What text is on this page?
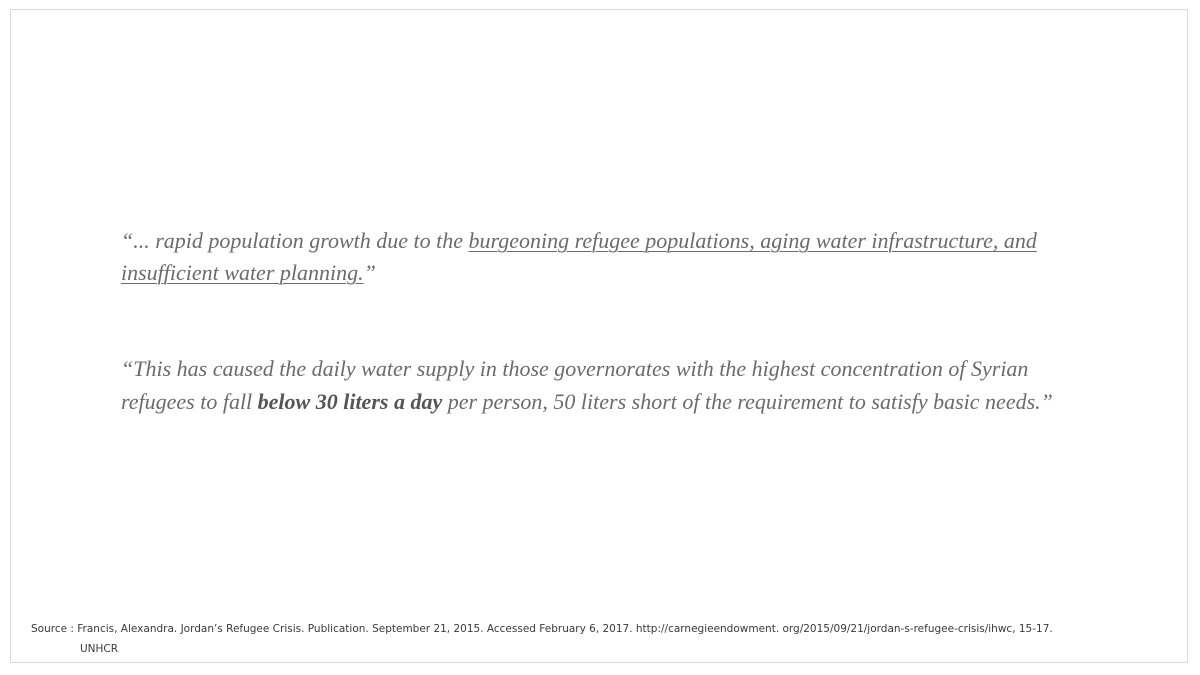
“... rapid population growth due to the burgeoning refugee populations, aging water infrastructure, and insufficient water planning.”

“This has caused the daily water supply in those governorates with the highest concentration of Syrian refugees to fall below 30 liters a day per person, 50 liters short of the requirement to satisfy basic needs.”

Source : Francis, Alexandra. Jordan’s Refugee Crisis. Publication. September 21, 2015. Accessed February 6, 2017. http://carnegieendowment. org/2015/09/21/jordan-s-refugee-crisis/ihwc, 15-17.
UNHCR
